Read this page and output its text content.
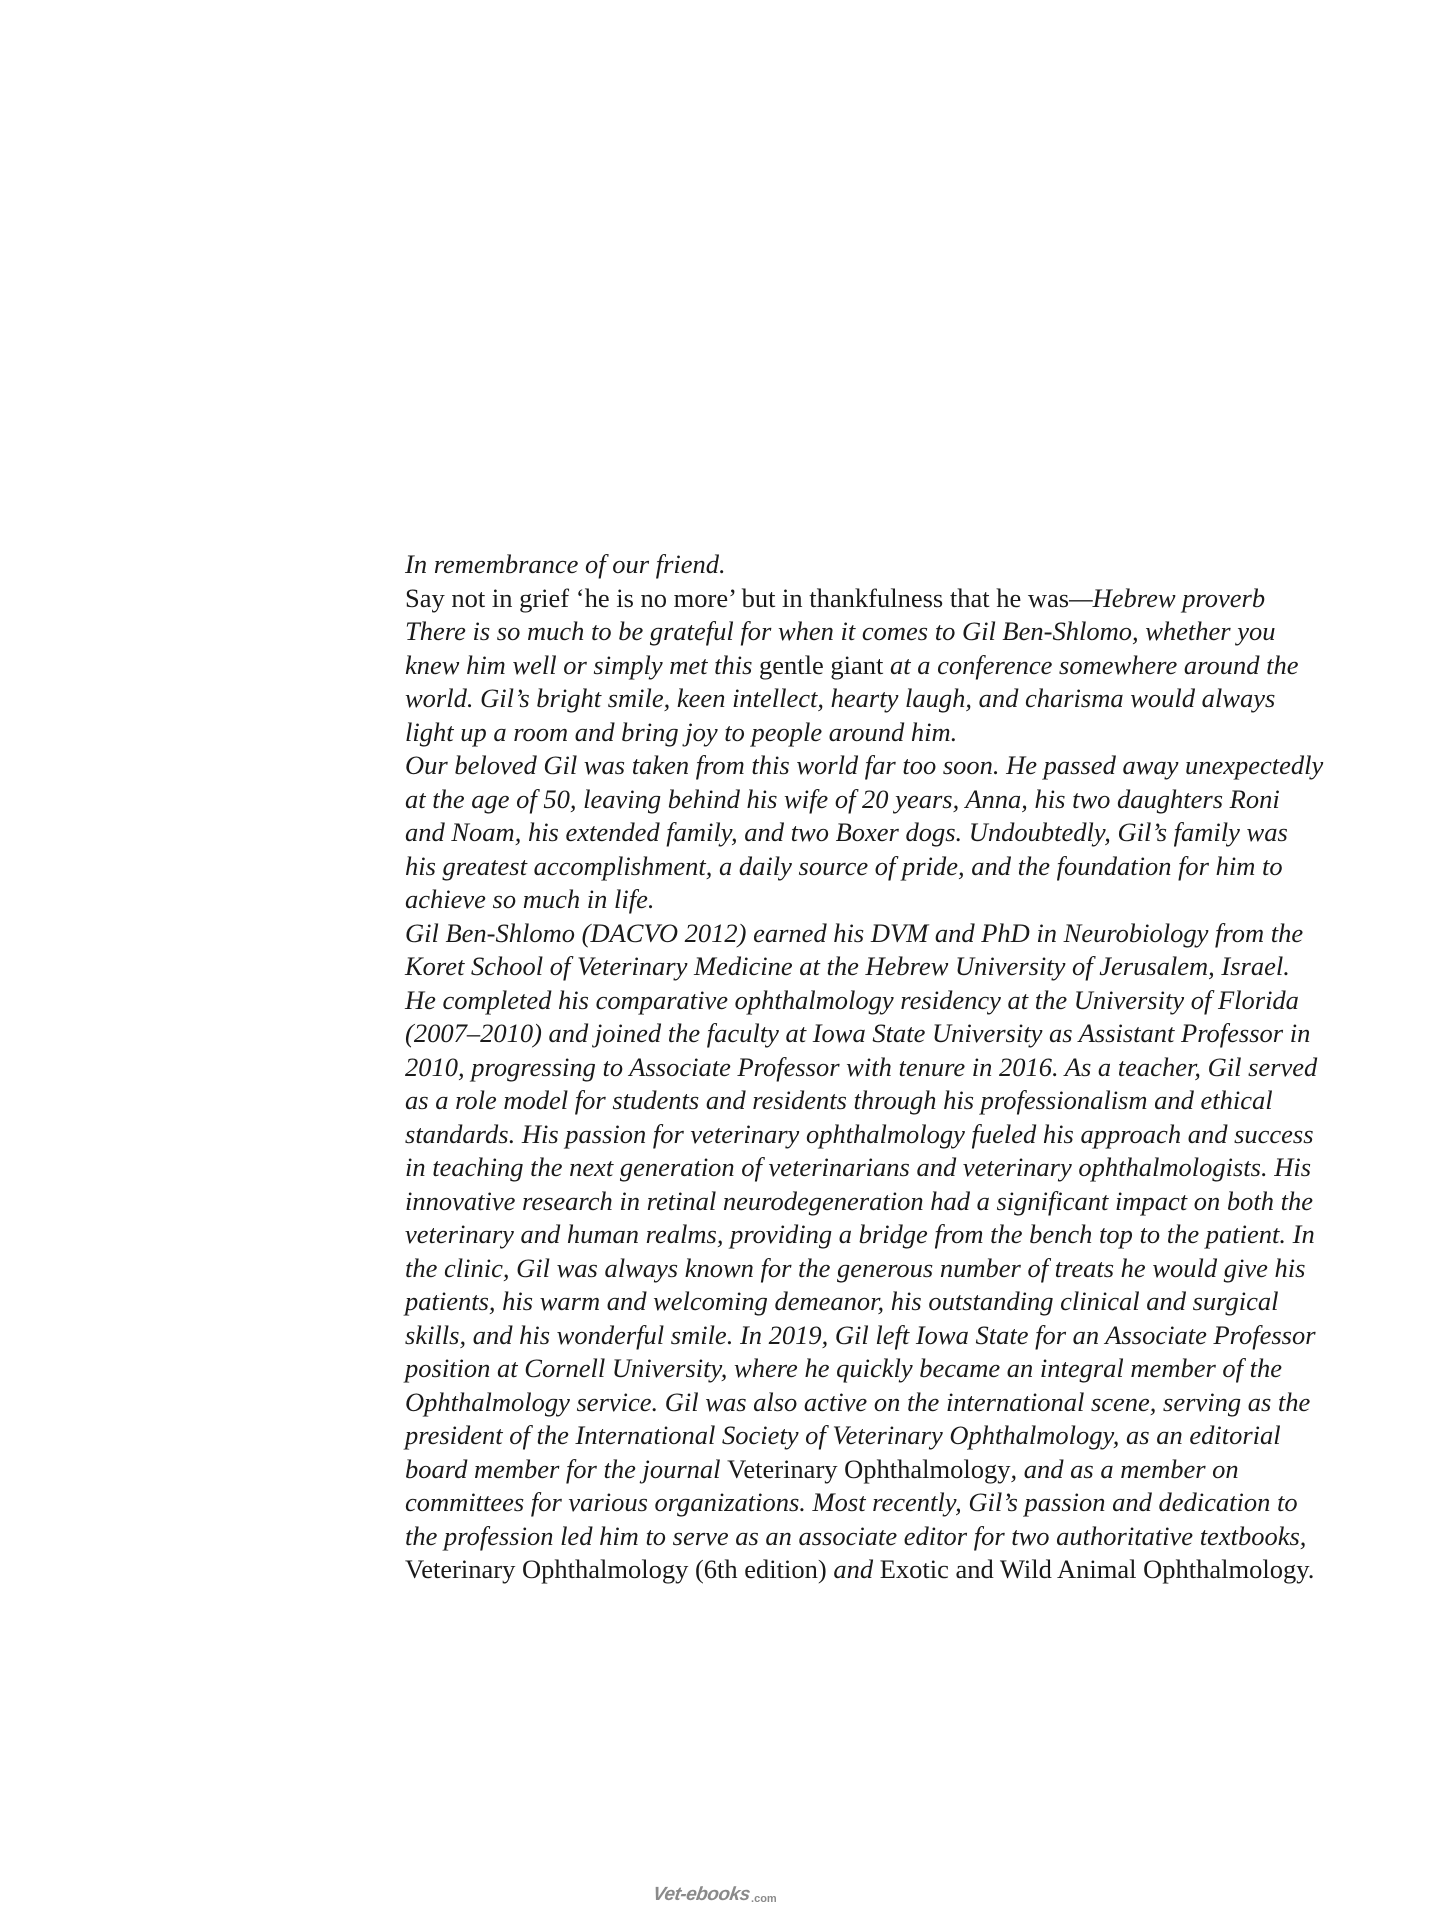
In remembrance of our friend.

Say not in grief ‘he is no more’ but in thankfulness that he was—Hebrew proverb

There is so much to be grateful for when it comes to Gil Ben-Shlomo, whether you knew him well or simply met this gentle giant at a conference somewhere around the world. Gil’s bright smile, keen intellect, hearty laugh, and charisma would always light up a room and bring joy to people around him.

Our beloved Gil was taken from this world far too soon. He passed away unexpectedly at the age of 50, leaving behind his wife of 20 years, Anna, his two daughters Roni and Noam, his extended family, and two Boxer dogs. Undoubtedly, Gil’s family was his greatest accomplishment, a daily source of pride, and the foundation for him to achieve so much in life.

Gil Ben-Shlomo (DACVO 2012) earned his DVM and PhD in Neurobiology from the Koret School of Veterinary Medicine at the Hebrew University of Jerusalem, Israel. He completed his comparative ophthalmology residency at the University of Florida (2007–2010) and joined the faculty at Iowa State University as Assistant Professor in 2010, progressing to Associate Professor with tenure in 2016. As a teacher, Gil served as a role model for students and residents through his professionalism and ethical standards. His passion for veterinary ophthalmology fueled his approach and success in teaching the next generation of veterinarians and veterinary ophthalmologists. His innovative research in retinal neurodegeneration had a significant impact on both the veterinary and human realms, providing a bridge from the bench top to the patient. In the clinic, Gil was always known for the generous number of treats he would give his patients, his warm and welcoming demeanor, his outstanding clinical and surgical skills, and his wonderful smile. In 2019, Gil left Iowa State for an Associate Professor position at Cornell University, where he quickly became an integral member of the Ophthalmology service. Gil was also active on the international scene, serving as the president of the International Society of Veterinary Ophthalmology, as an editorial board member for the journal Veterinary Ophthalmology, and as a member on committees for various organizations. Most recently, Gil’s passion and dedication to the profession led him to serve as an associate editor for two authoritative textbooks, Veterinary Ophthalmology (6th edition) and Exotic and Wild Animal Ophthalmology.

Vet-ebooks .com
